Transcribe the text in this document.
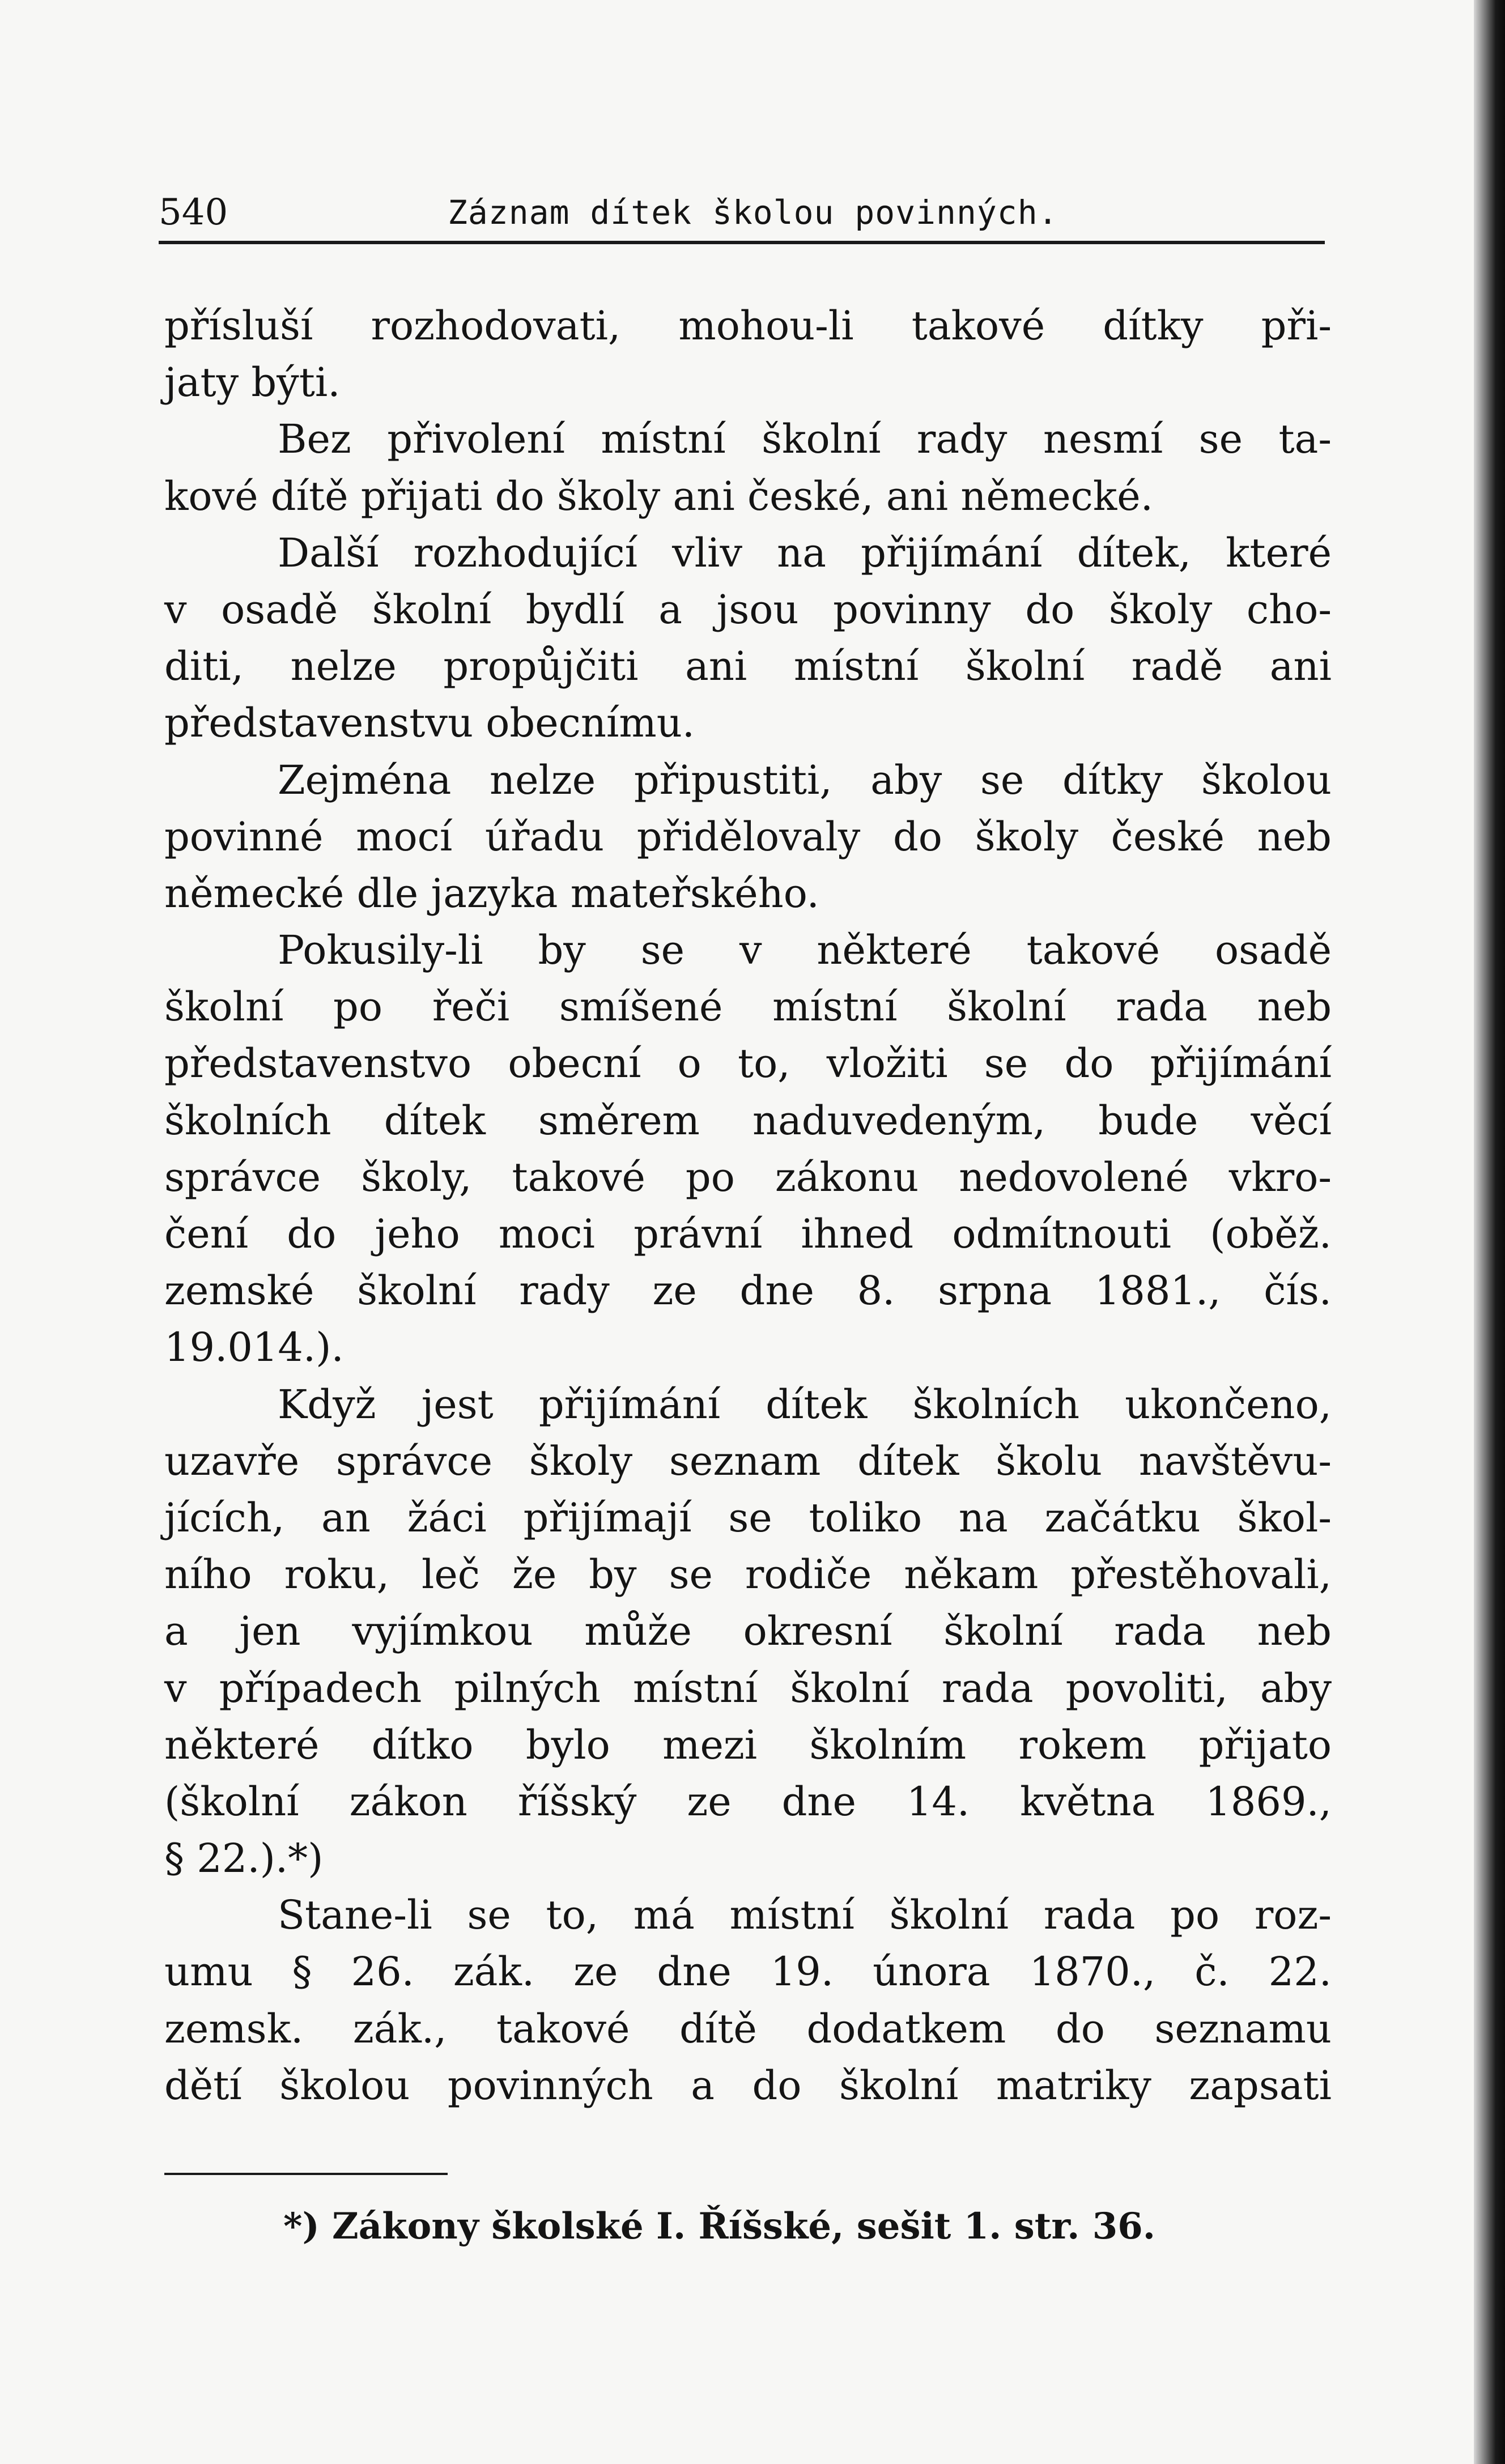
540	Záznam dítek školou povinných.
přísluší rozhodovati, mohou-li takové dítky při-
jaty býti.
Bez přivolení místní školní rady nesmí se ta-
kové dítě přijati do školy ani české, ani německé.
Další rozhodující vliv na přijímání dítek, které
v osadě školní bydlí a jsou povinny do školy cho-
diti, nelze propůjčiti ani místní školní radě ani
představenstvu obecnímu.
Zejména nelze připustiti, aby se dítky školou
povinné mocí úřadu přidělovaly do školy české neb
německé dle jazyka mateřského.
Pokusily-li by se v některé takové osadě
školní po řeči smíšené místní školní rada neb
představenstvo obecní o to, vložiti se do přijímání
školních dítek směrem naduvedeným, bude věcí
správce školy, takové po zákonu nedovolené vkro-
čení do jeho moci právní ihned odmítnouti (oběž.
zemské školní rady ze dne 8. srpna 1881., čís.
19.014.).
Když jest přijímání dítek školních ukončeno,
uzavře správce školy seznam dítek školu navštěvu-
jících, an žáci přijímají se toliko na začátku škol-
ního roku, leč že by se rodiče někam přestěhovali,
a jen vyjímkou může okresní školní rada neb
v případech pilných místní školní rada povoliti, aby
některé dítko bylo mezi školním rokem přijato
(školní zákon říšský ze dne 14. května 1869.,
§ 22.).*)
Stane-li se to, má místní školní rada po roz-
umu § 26. zák. ze dne 19. února 1870., č. 22.
zemsk. zák., takové dítě dodatkem do seznamu
dětí školou povinných a do školní matriky zapsati
*) Zákony školské I. Říšské, sešit 1. str. 36.
